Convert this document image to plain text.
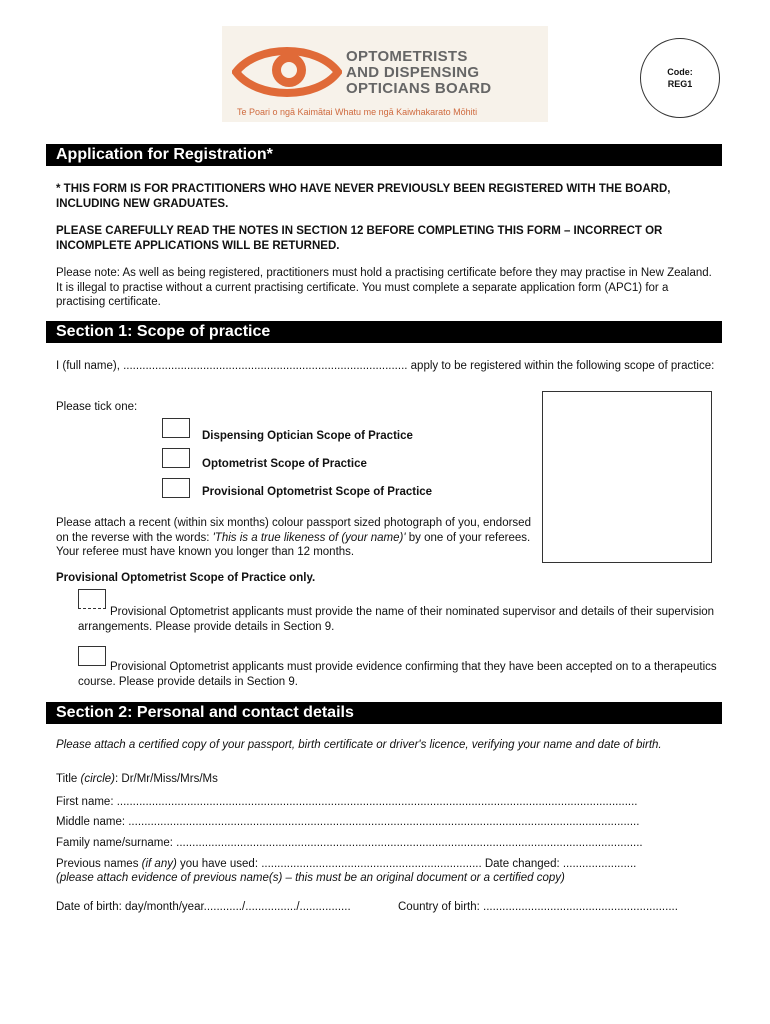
OPTOMETRISTS
AND DISPENSING
OPTICIANS BOARD
Te Poari o ngā Kaimātai Whatu me ngā Kaiwhakarato Mōhiti
Code:
REG1
Application for Registration*
* THIS FORM IS FOR PRACTITIONERS WHO HAVE NEVER PREVIOUSLY BEEN REGISTERED WITH THE BOARD, INCLUDING NEW GRADUATES.
PLEASE CAREFULLY READ THE NOTES IN SECTION 12 BEFORE COMPLETING THIS FORM – INCORRECT OR INCOMPLETE APPLICATIONS WILL BE RETURNED.
Please note: As well as being registered, practitioners must hold a practising certificate before they may practise in New Zealand. It is illegal to practise without a current practising certificate. You must complete a separate application form (APC1) for a practising certificate.
Section 1: Scope of practice
I (full name), ......................................................................................... apply to be registered within the following scope of practice:
Please tick one:
Dispensing Optician Scope of Practice
Optometrist Scope of Practice
Provisional Optometrist Scope of Practice
Please attach a recent (within six months) colour passport sized photograph of you, endorsed on the reverse with the words: 'This is a true likeness of (your name)' by one of your referees. Your referee must have known you longer than 12 months.
Provisional Optometrist Scope of Practice only.
Provisional Optometrist applicants must provide the name of their nominated supervisor and details of their supervision arrangements. Please provide details in Section 9.
Provisional Optometrist applicants must provide evidence confirming that they have been accepted on to a therapeutics course. Please provide details in Section 9.
Section 2: Personal and contact details
Please attach a certified copy of your passport, birth certificate or driver's licence, verifying your name and date of birth.
Title (circle): Dr/Mr/Miss/Mrs/Ms
First name: ...................................................................................................................................................................
Middle name: ................................................................................................................................................................
Family name/surname: ..................................................................................................................................................
Previous names (if any) you have used: ..................................................................... Date changed: .......................
(please attach evidence of previous name(s) – this must be an original document or a certified copy)
Date of birth: day/month/year............/................/................	Country of birth: .............................................................
